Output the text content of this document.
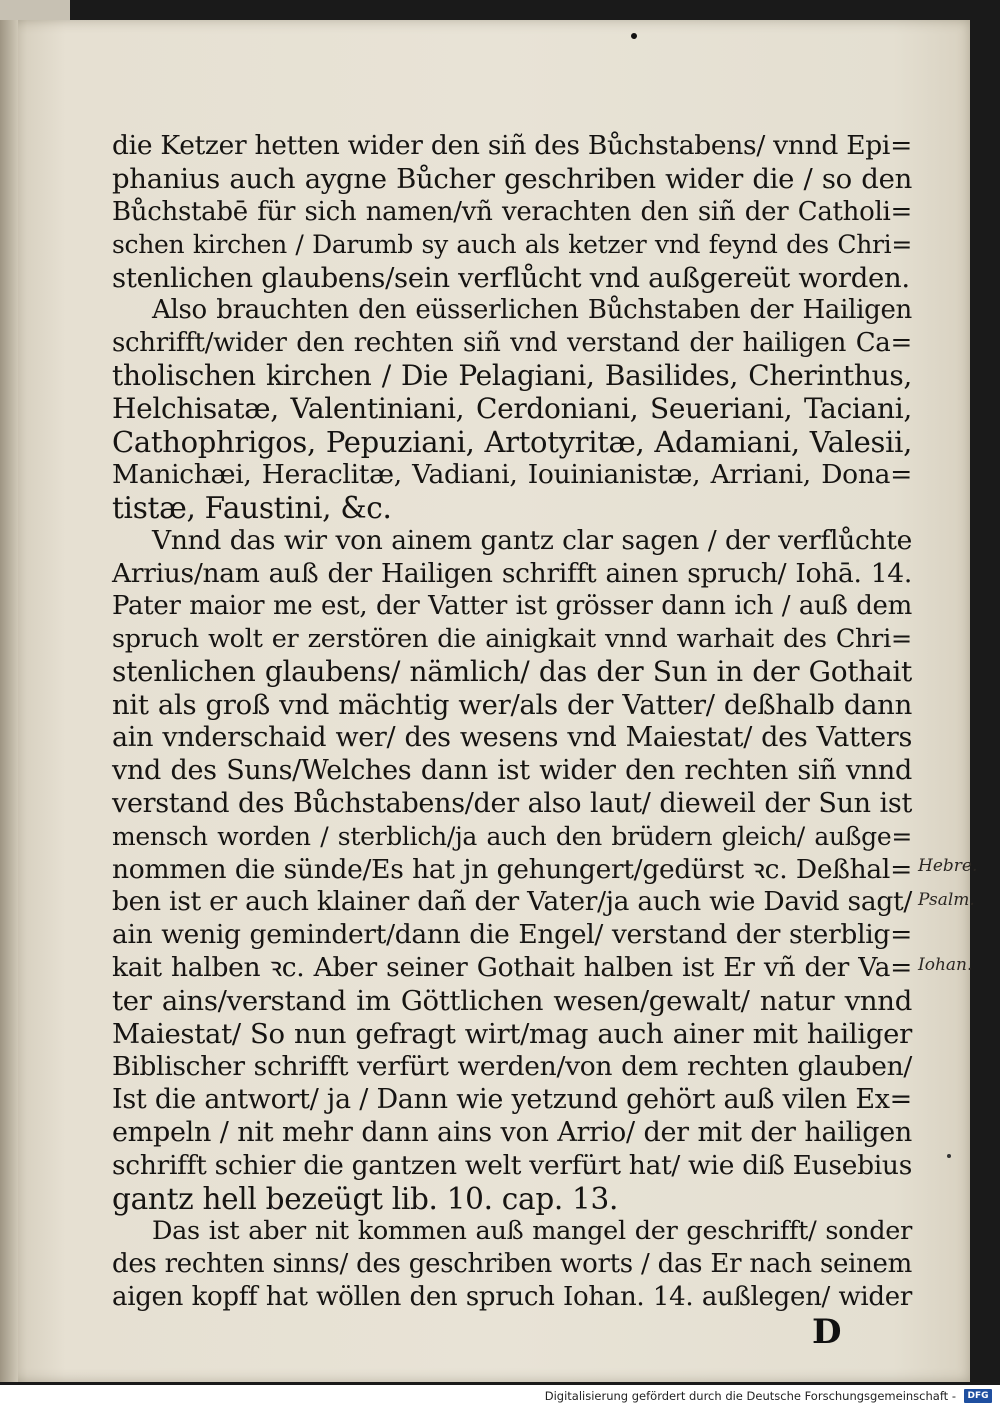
die Ketzer hetten wider den siñ des Bůchstabens/ vnnd Epi=
phanius auch aygne Bůcher geschriben wider die / so den
Bůchstabē für sich namen/vñ verachten den siñ der Catholi=
schen kirchen / Darumb sy auch als ketzer vnd feynd des Chri=
stenlichen glaubens/sein verflůcht vnd außgereüt worden.
Also brauchten den eüsserlichen Bůchstaben der Hailigen
schrifft/wider den rechten siñ vnd verstand der hailigen Ca=
tholischen kirchen / Die Pelagiani, Basilides, Cherinthus,
Helchisatæ, Valentiniani, Cerdoniani, Seueriani, Taciani,
Cathophrigos, Pepuziani, Artotyritæ, Adamiani, Valesii,
Manichæi, Heraclitæ, Vadiani, Iouinianistæ, Arriani, Dona=
tistæ, Faustini, &c.
Vnnd das wir von ainem gantz clar sagen / der verflůchte
Arrius/nam auß der Hailigen schrifft ainen spruch/ Iohā. 14.
Pater maior me est, der Vatter ist grösser dann ich / auß dem
spruch wolt er zerstören die ainigkait vnnd warhait des Chri=
stenlichen glaubens/ nämlich/ das der Sun in der Gothait
nit als groß vnd mächtig wer/als der Vatter/ deßhalb dann
ain vnderschaid wer/ des wesens vnd Maiestat/ des Vatters
vnd des Suns/Welches dann ist wider den rechten siñ vnnd
verstand des Bůchstabens/der also laut/ dieweil der Sun ist
mensch worden / sterblich/ja auch den brüdern gleich/ außge=
nommen die sünde/Es hat jn gehungert/gedürst ꝛc. Deßhal=
ben ist er auch klainer dañ der Vater/ja auch wie David sagt/
ain wenig gemindert/dann die Engel/ verstand der sterblig=
kait halben ꝛc. Aber seiner Gothait halben ist Er vñ der Va=
ter ains/verstand im Göttlichen wesen/gewalt/ natur vnnd
Maiestat/ So nun gefragt wirt/mag auch ainer mit hailiger
Biblischer schrifft verfürt werden/von dem rechten glauben/
Ist die antwort/ ja / Dann wie yetzund gehört auß vilen Ex=
empeln / nit mehr dann ains von Arrio/ der mit der hailigen
schrifft schier die gantzen welt verfürt hat/ wie diß Eusebius
gantz hell bezeügt lib. 10. cap. 13.
Das ist aber nit kommen auß mangel der geschrifft/ sonder
des rechten sinns/ des geschriben worts / das Er nach seinem
aigen kopff hat wöllen den spruch Iohan. 14. außlegen/ wider
Hebre.
Psalm.
Iohan.
D
Digitalisierung gefördert durch die Deutsche Forschungsgemeinschaft -	DFG
